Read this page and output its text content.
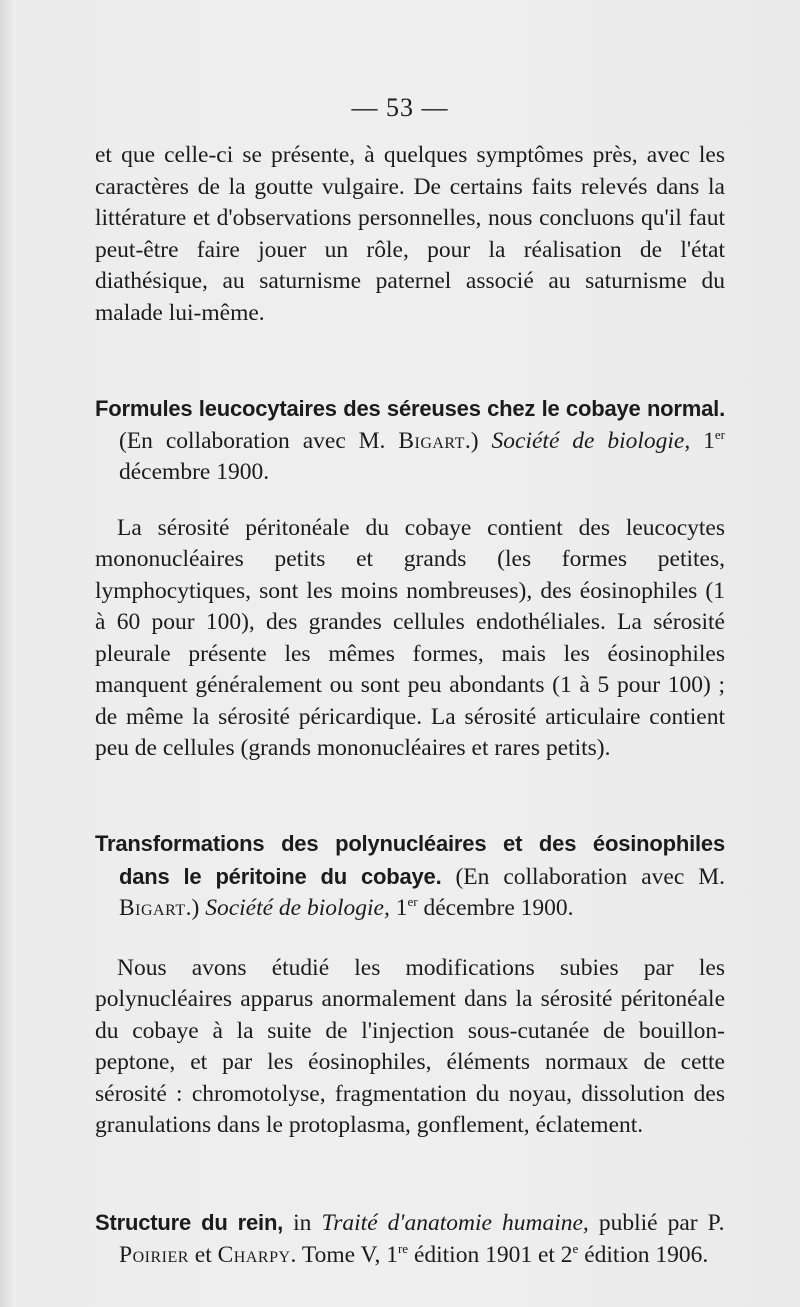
— 53 —

et que celle-ci se présente, à quelques symptômes près, avec les caractères de la goutte vulgaire. De certains faits relevés dans la littérature et d'observations personnelles, nous concluons qu'il faut peut-être faire jouer un rôle, pour la réalisation de l'état diathésique, au saturnisme paternel associé au saturnisme du malade lui-même.

Formules leucocytaires des séreuses chez le cobaye normal. (En collaboration avec M. Bigart.) Société de biologie, 1er décembre 1900.

La sérosité péritonéale du cobaye contient des leucocytes mononucléaires petits et grands (les formes petites, lymphocytiques, sont les moins nombreuses), des éosinophiles (1 à 60 pour 100), des grandes cellules endothéliales. La sérosité pleurale présente les mêmes formes, mais les éosinophiles manquent généralement ou sont peu abondants (1 à 5 pour 100) ; de même la sérosité péricardique. La sérosité articulaire contient peu de cellules (grands mononucléaires et rares petits).

Transformations des polynucléaires et des éosinophiles dans le péritoine du cobaye. (En collaboration avec M. Bigart.) Société de biologie, 1er décembre 1900.

Nous avons étudié les modifications subies par les polynucléaires apparus anormalement dans la sérosité péritonéale du cobaye à la suite de l'injection sous-cutanée de bouillon-peptone, et par les éosinophiles, éléments normaux de cette sérosité : chromotolyse, fragmentation du noyau, dissolution des granulations dans le protoplasma, gonflement, éclatement.

Structure du rein, in Traité d'anatomie humaine, publié par P. Poirier et Charpy. Tome V, 1re édition 1901 et 2e édition 1906.
